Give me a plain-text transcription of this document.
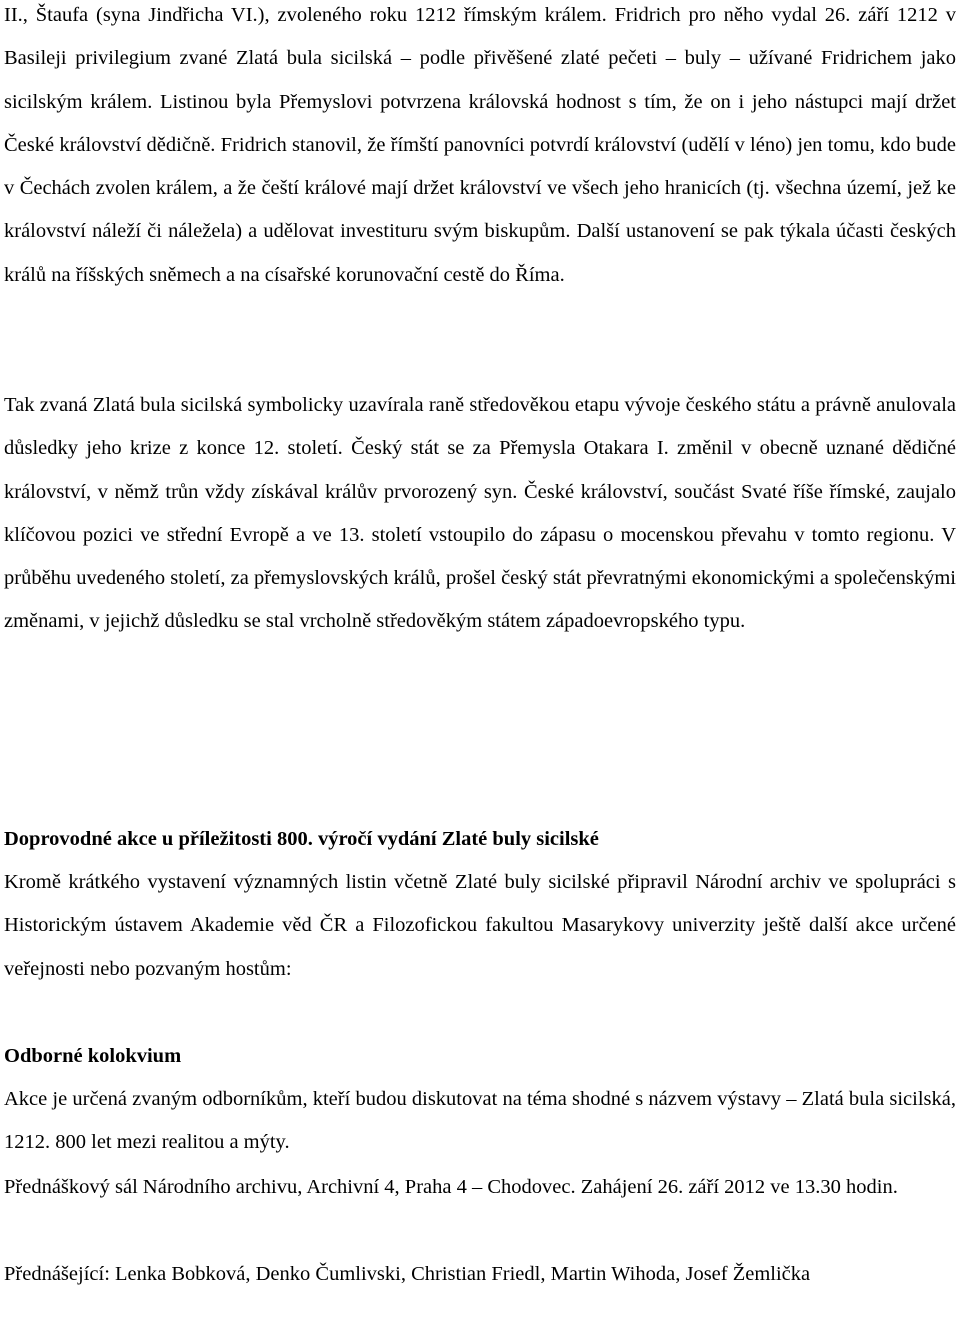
II., Štaufa (syna Jindřicha VI.), zvoleného roku 1212 římským králem. Fridrich pro něho vydal 26. září 1212 v Basileji privilegium zvané Zlatá bula sicilská – podle přivěšené zlaté pečeti – buly – užívané Fridrichem jako sicilským králem. Listinou byla Přemyslovi potvrzena královská hodnost s tím, že on i jeho nástupci mají držet České království dědičně. Fridrich stanovil, že římští panovníci potvrdí království (udělí v léno) jen tomu, kdo bude v Čechách zvolen králem, a že čeští králové mají držet království ve všech jeho hranicích (tj. všechna území, jež ke království náleží či náležela) a udělovat investituru svým biskupům. Další ustanovení se pak týkala účasti českých králů na říšských sněmech a na císařské korunovační cestě do Říma.

Tak zvaná Zlatá bula sicilská symbolicky uzavírala raně středověkou etapu vývoje českého státu a právně anulovala důsledky jeho krize z konce 12. století. Český stát se za Přemysla Otakara I. změnil v obecně uznané dědičné království, v němž trůn vždy získával králův prvorozený syn. České království, součást Svaté říše římské, zaujalo klíčovou pozici ve střední Evropě a ve 13. století vstoupilo do zápasu o mocenskou převahu v tomto regionu. V průběhu uvedeného století, za přemyslovských králů, prošel český stát převratnými ekonomickými a společenskými změnami, v jejichž důsledku se stal vrcholně středověkým státem západoevropského typu.

Doprovodné akce u příležitosti 800. výročí vydání Zlaté buly sicilské

Kromě krátkého vystavení významných listin včetně Zlaté buly sicilské připravil Národní archiv ve spolupráci s Historickým ústavem Akademie věd ČR a Filozofickou fakultou Masarykovy univerzity ještě další akce určené veřejnosti nebo pozvaným hostům:

Odborné kolokvium

Akce je určená zvaným odborníkům, kteří budou diskutovat na téma shodné s názvem výstavy – Zlatá bula sicilská, 1212. 800 let mezi realitou a mýty.

Přednáškový sál Národního archivu, Archivní 4, Praha 4 – Chodovec. Zahájení 26. září 2012 ve 13.30 hodin.

Přednášející: Lenka Bobková, Denko Čumlivski, Christian Friedl, Martin Wihoda, Josef Žemlička
